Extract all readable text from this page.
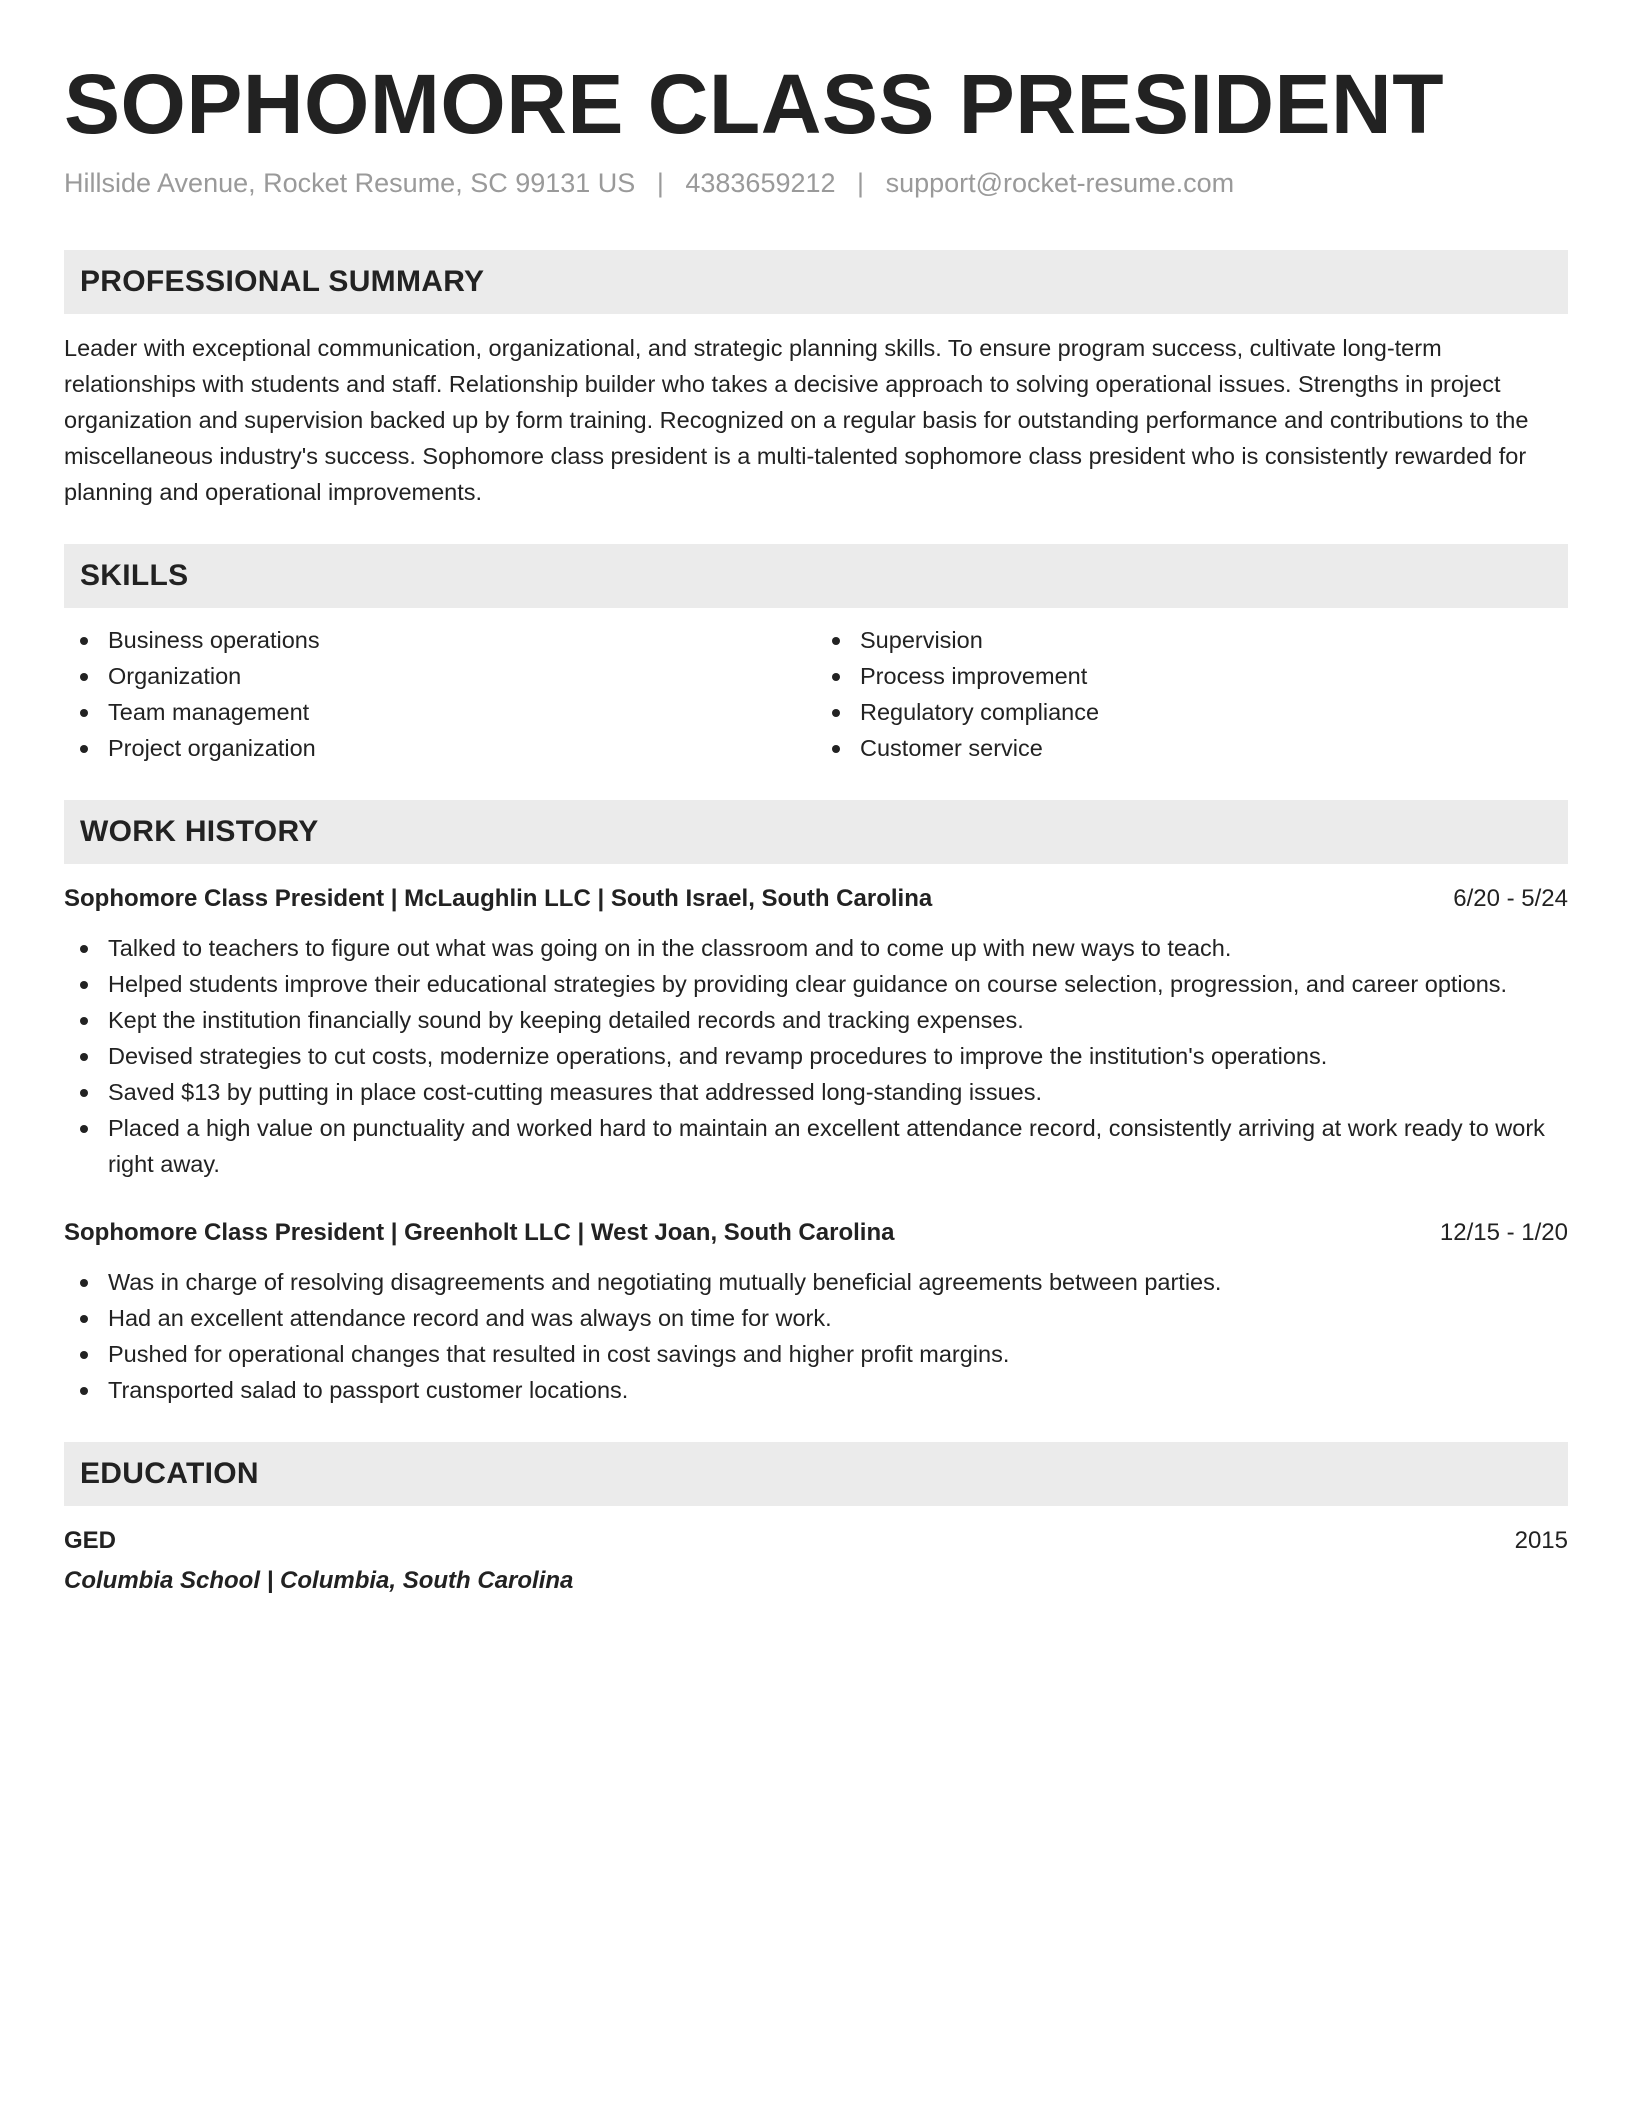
SOPHOMORE CLASS PRESIDENT
Hillside Avenue, Rocket Resume, SC 99131 US | 4383659212 | support@rocket-resume.com
PROFESSIONAL SUMMARY

Leader with exceptional communication, organizational, and strategic planning skills. To ensure program success, cultivate long-term relationships with students and staff. Relationship builder who takes a decisive approach to solving operational issues. Strengths in project organization and supervision backed up by form training. Recognized on a regular basis for outstanding performance and contributions to the miscellaneous industry's success. Sophomore class president is a multi-talented sophomore class president who is consistently rewarded for planning and operational improvements.

SKILLS
Business operations
Organization
Team management
Project organization
Supervision
Process improvement
Regulatory compliance
Customer service
WORK HISTORY
Sophomore Class President | McLaughlin LLC | South Israel, South Carolina	6/20 - 5/24
Talked to teachers to figure out what was going on in the classroom and to come up with new ways to teach.
Helped students improve their educational strategies by providing clear guidance on course selection, progression, and career options.
Kept the institution financially sound by keeping detailed records and tracking expenses.
Devised strategies to cut costs, modernize operations, and revamp procedures to improve the institution's operations.
Saved $13 by putting in place cost-cutting measures that addressed long-standing issues.
Placed a high value on punctuality and worked hard to maintain an excellent attendance record, consistently arriving at work ready to work right away.
Sophomore Class President | Greenholt LLC | West Joan, South Carolina	12/15 - 1/20
Was in charge of resolving disagreements and negotiating mutually beneficial agreements between parties.
Had an excellent attendance record and was always on time for work.
Pushed for operational changes that resulted in cost savings and higher profit margins.
Transported salad to passport customer locations.
EDUCATION
GED	2015
Columbia School | Columbia, South Carolina
